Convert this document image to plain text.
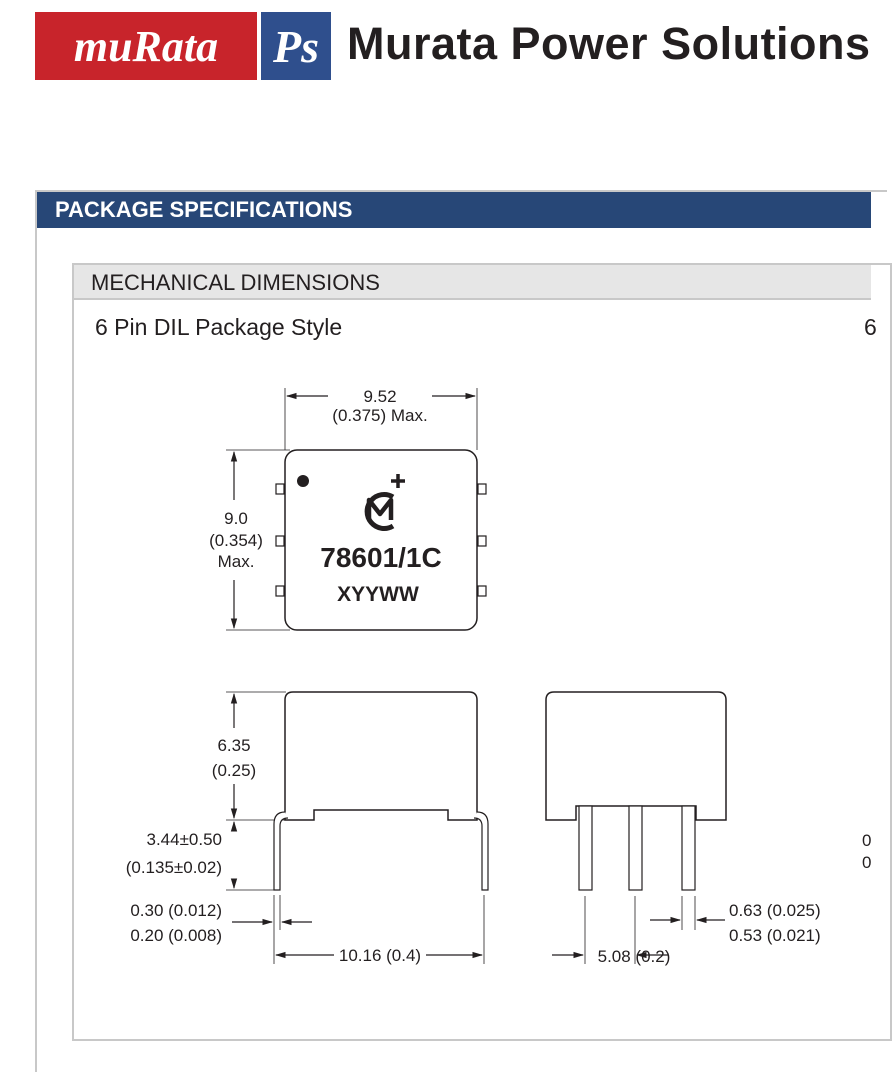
muRata	Ps Murata Power Solutions
PACKAGE SPECIFICATIONS
MECHANICAL DIMENSIONS
6 Pin DIL Package Style	6
9.52
(0.375) Max.
9.0
(0.354)
Max.
6.35
(0.25)
3.44±0.50
(0.135±0.02)
0.30 (0.012)
0.20 (0.008)
10.16 (0.4)
0.63 (0.025)
0.53 (0.021)
5.08 (0.2)
0
0
78601/1C
XYYWW
